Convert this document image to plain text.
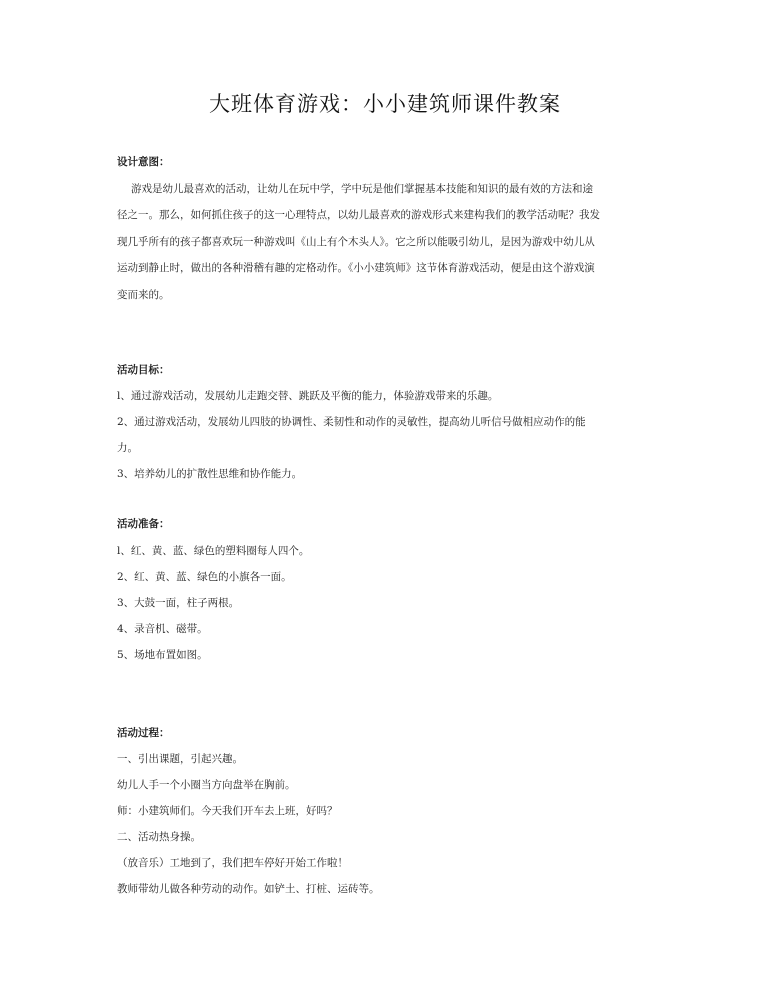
大班体育游戏：小小建筑师课件教案
设计意图：
游戏是幼儿最喜欢的活动，让幼儿在玩中学，学中玩是他们掌握基本技能和知识的最有效的方法和途
径之一。那么，如何抓住孩子的这一心理特点，以幼儿最喜欢的游戏形式来建构我们的教学活动呢？我发
现几乎所有的孩子都喜欢玩一种游戏叫《山上有个木头人》。它之所以能吸引幼儿，是因为游戏中幼儿从
运动到静止时，做出的各种滑稽有趣的定格动作。《小小建筑师》这节体育游戏活动，便是由这个游戏演
变而来的。
活动目标：
l、通过游戏活动，发展幼儿走跑交替、跳跃及平衡的能力，体验游戏带来的乐趣。
2、通过游戏活动，发展幼儿四肢的协调性、柔韧性和动作的灵敏性，提高幼儿听信号做相应动作的能
力。
3、培养幼儿的扩散性思维和协作能力。
活动准备：
l、红、黄、蓝、绿色的塑料圈每人四个。
2、红、黄、蓝、绿色的小旗各一面。
3、大鼓一面，柱子两根。
4、录音机、磁带。
5、场地布置如图。
活动过程：
一、引出课题，引起兴趣。
幼儿人手一个小圈当方向盘举在胸前。
师：小建筑师们。今天我们开车去上班，好吗？
二、活动热身操。
（放音乐）工地到了，我们把车停好开始工作啦！
教师带幼儿做各种劳动的动作。如铲土、打桩、运砖等。
